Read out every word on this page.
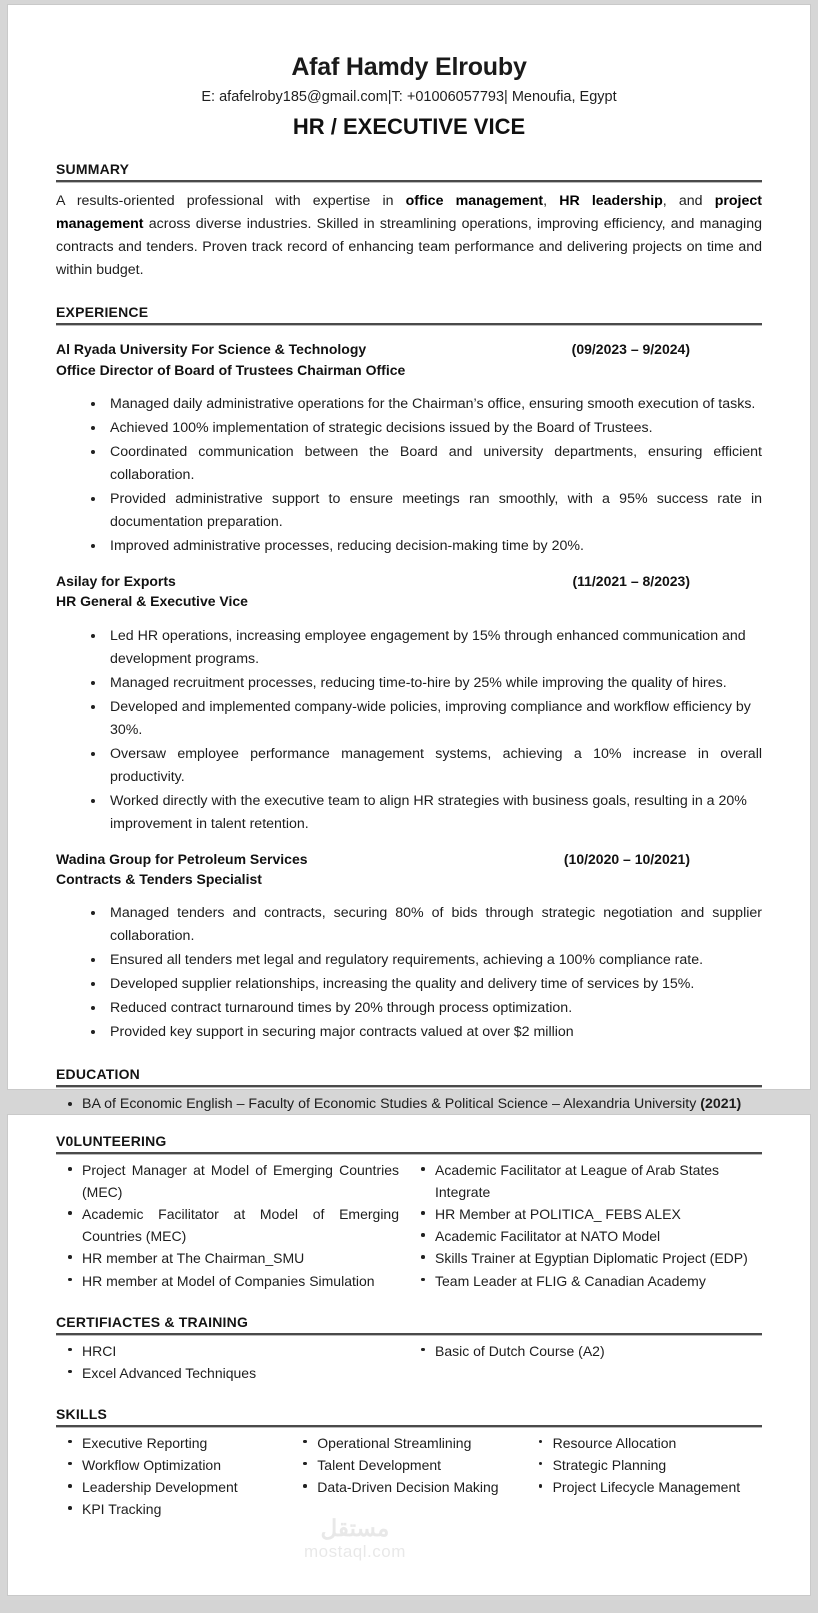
Afaf Hamdy Elrouby
E: afafelroby185@gmail.com|T: +01006057793| Menoufia, Egypt
HR / EXECUTIVE VICE
SUMMARY

A results-oriented professional with expertise in office management, HR leadership, and project management across diverse industries. Skilled in streamlining operations, improving efficiency, and managing contracts and tenders. Proven track record of enhancing team performance and delivering projects on time and within budget.

EXPERIENCE
Al Ryada University For Science & Technology	(09/2023 – 9/2024)
Office Director of Board of Trustees Chairman Office
Managed daily administrative operations for the Chairman’s office, ensuring smooth execution of tasks.
Achieved 100% implementation of strategic decisions issued by the Board of Trustees.
Coordinated communication between the Board and university departments, ensuring efficient collaboration.
Provided administrative support to ensure meetings ran smoothly, with a 95% success rate in documentation preparation.
Improved administrative processes, reducing decision-making time by 20%.
Asilay for Exports	(11/2021 – 8/2023)
HR General & Executive Vice
Led HR operations, increasing employee engagement by 15% through enhanced communication and development programs.
Managed recruitment processes, reducing time-to-hire by 25% while improving the quality of hires.
Developed and implemented company-wide policies, improving compliance and workflow efficiency by 30%.
Oversaw employee performance management systems, achieving a 10% increase in overall productivity.
Worked directly with the executive team to align HR strategies with business goals, resulting in a 20% improvement in talent retention.
Wadina Group for Petroleum Services	(10/2020 – 10/2021)
Contracts & Tenders Specialist
Managed tenders and contracts, securing 80% of bids through strategic negotiation and supplier collaboration.
Ensured all tenders met legal and regulatory requirements, achieving a 100% compliance rate.
Developed supplier relationships, increasing the quality and delivery time of services by 15%.
Reduced contract turnaround times by 20% through process optimization.
Provided key support in securing major contracts valued at over $2 million
EDUCATION
BA of Economic English – Faculty of Economic Studies & Political Science – Alexandria University (2021)
V0LUNTEERING
Project Manager at Model of Emerging Countries (MEC)
Academic Facilitator at Model of Emerging Countries (MEC)
HR member at The Chairman_SMU
HR member at Model of Companies Simulation
Academic Facilitator at League of Arab States Integrate
HR Member at POLITICA_ FEBS ALEX
Academic Facilitator at NATO Model
Skills Trainer at Egyptian Diplomatic Project (EDP)
Team Leader at FLIG & Canadian Academy
CERTIFIACTES & TRAINING
HRCI
Excel Advanced Techniques
Basic of Dutch Course (A2)
SKILLS
Executive Reporting
Workflow Optimization
Leadership Development
KPI Tracking
Operational Streamlining
Talent Development
Data-Driven Decision Making
Resource Allocation
Strategic Planning
Project Lifecycle Management
مستقل
mostaql.com
